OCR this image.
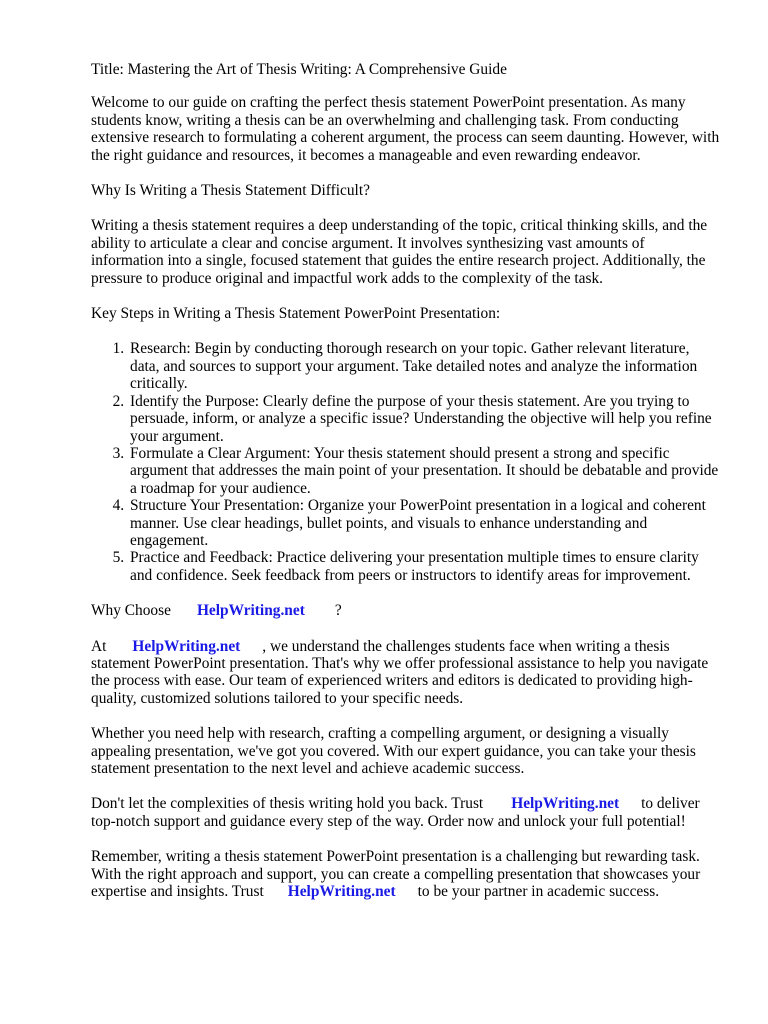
Title: Mastering the Art of Thesis Writing: A Comprehensive Guide

Welcome to our guide on crafting the perfect thesis statement PowerPoint presentation. As many students know, writing a thesis can be an overwhelming and challenging task. From conducting extensive research to formulating a coherent argument, the process can seem daunting. However, with the right guidance and resources, it becomes a manageable and even rewarding endeavor.

Why Is Writing a Thesis Statement Difficult?

Writing a thesis statement requires a deep understanding of the topic, critical thinking skills, and the ability to articulate a clear and concise argument. It involves synthesizing vast amounts of information into a single, focused statement that guides the entire research project. Additionally, the pressure to produce original and impactful work adds to the complexity of the task.

Key Steps in Writing a Thesis Statement PowerPoint Presentation:

1. Research: Begin by conducting thorough research on your topic. Gather relevant literature, data, and sources to support your argument. Take detailed notes and analyze the information critically.
2. Identify the Purpose: Clearly define the purpose of your thesis statement. Are you trying to persuade, inform, or analyze a specific issue? Understanding the objective will help you refine your argument.
3. Formulate a Clear Argument: Your thesis statement should present a strong and specific argument that addresses the main point of your presentation. It should be debatable and provide a roadmap for your audience.
4. Structure Your Presentation: Organize your PowerPoint presentation in a logical and coherent manner. Use clear headings, bullet points, and visuals to enhance understanding and engagement.
5. Practice and Feedback: Practice delivering your presentation multiple times to ensure clarity and confidence. Seek feedback from peers or instructors to identify areas for improvement.

Why Choose HelpWriting.net ?

At HelpWriting.net , we understand the challenges students face when writing a thesis statement PowerPoint presentation. That's why we offer professional assistance to help you navigate the process with ease. Our team of experienced writers and editors is dedicated to providing high-quality, customized solutions tailored to your specific needs.

Whether you need help with research, crafting a compelling argument, or designing a visually appealing presentation, we've got you covered. With our expert guidance, you can take your thesis statement presentation to the next level and achieve academic success.

Don't let the complexities of thesis writing hold you back. Trust HelpWriting.net to deliver top-notch support and guidance every step of the way. Order now and unlock your full potential!

Remember, writing a thesis statement PowerPoint presentation is a challenging but rewarding task. With the right approach and support, you can create a compelling presentation that showcases your expertise and insights. Trust HelpWriting.net to be your partner in academic success.
